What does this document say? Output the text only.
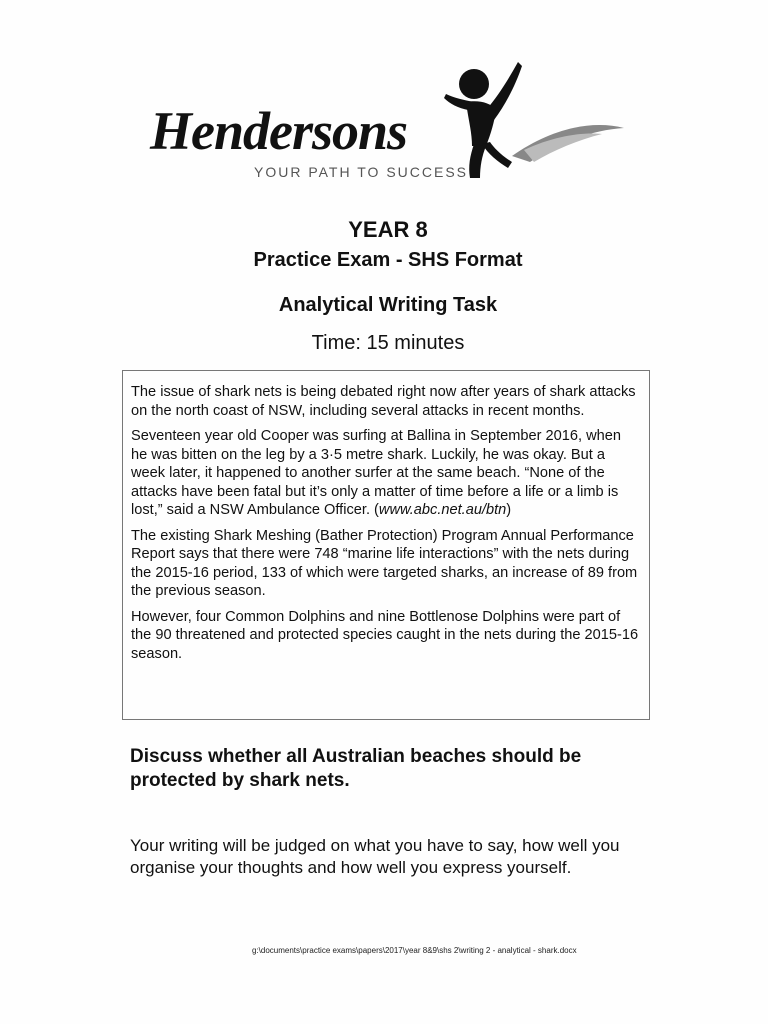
Hendersons
YOUR PATH TO SUCCESS
YEAR 8
Practice Exam - SHS Format
Analytical Writing Task
Time: 15 minutes

The issue of shark nets is being debated right now after years of shark attacks on the north coast of NSW, including several attacks in recent months.

Seventeen year old Cooper was surfing at Ballina in September 2016, when he was bitten on the leg by a 3·5 metre shark. Luckily, he was okay. But a week later, it happened to another surfer at the same beach. “None of the attacks have been fatal but it’s only a matter of time before a life or a limb is lost,” said a NSW Ambulance Officer. (www.abc.net.au/btn)

The existing Shark Meshing (Bather Protection) Program Annual Performance Report says that there were 748 “marine life interactions” with the nets during the 2015-16 period, 133 of which were targeted sharks, an increase of 89 from the previous season.

However, four Common Dolphins and nine Bottlenose Dolphins were part of the 90 threatened and protected species caught in the nets during the 2015-16 season.

Discuss whether all Australian beaches should be protected by shark nets.
Your writing will be judged on what you have to say, how well you organise your thoughts and how well you express yourself.
g:\documents\practice exams\papers\2017\year 8&9\shs 2\writing 2 - analytical - shark.docx
